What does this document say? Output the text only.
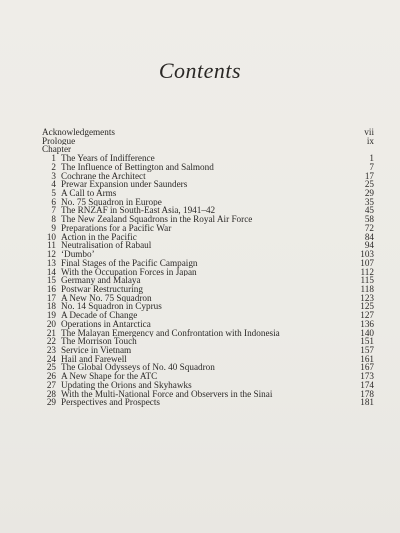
Contents
Acknowledgements	vii
Prologue	ix
Chapter
1 The Years of Indifference	1
2 The Influence of Bettington and Salmond	7
3 Cochrane the Architect	17
4 Prewar Expansion under Saunders	25
5 A Call to Arms	29
6 No. 75 Squadron in Europe	35
7 The RNZAF in South-East Asia, 1941–42	45
8 The New Zealand Squadrons in the Royal Air Force	58
9 Preparations for a Pacific War	72
10 Action in the Pacific	84
11 Neutralisation of Rabaul	94
12 ‘Dumbo’	103
13 Final Stages of the Pacific Campaign	107
14 With the Occupation Forces in Japan	112
15 Germany and Malaya	115
16 Postwar Restructuring	118
17 A New No. 75 Squadron	123
18 No. 14 Squadron in Cyprus	125
19 A Decade of Change	127
20 Operations in Antarctica	136
21 The Malayan Emergency and Confrontation with Indonesia	140
22 The Morrison Touch	151
23 Service in Vietnam	157
24 Hail and Farewell	161
25 The Global Odysseys of No. 40 Squadron	167
26 A New Shape for the ATC	173
27 Updating the Orions and Skyhawks	174
28 With the Multi-National Force and Observers in the Sinai	178
29 Perspectives and Prospects	181
